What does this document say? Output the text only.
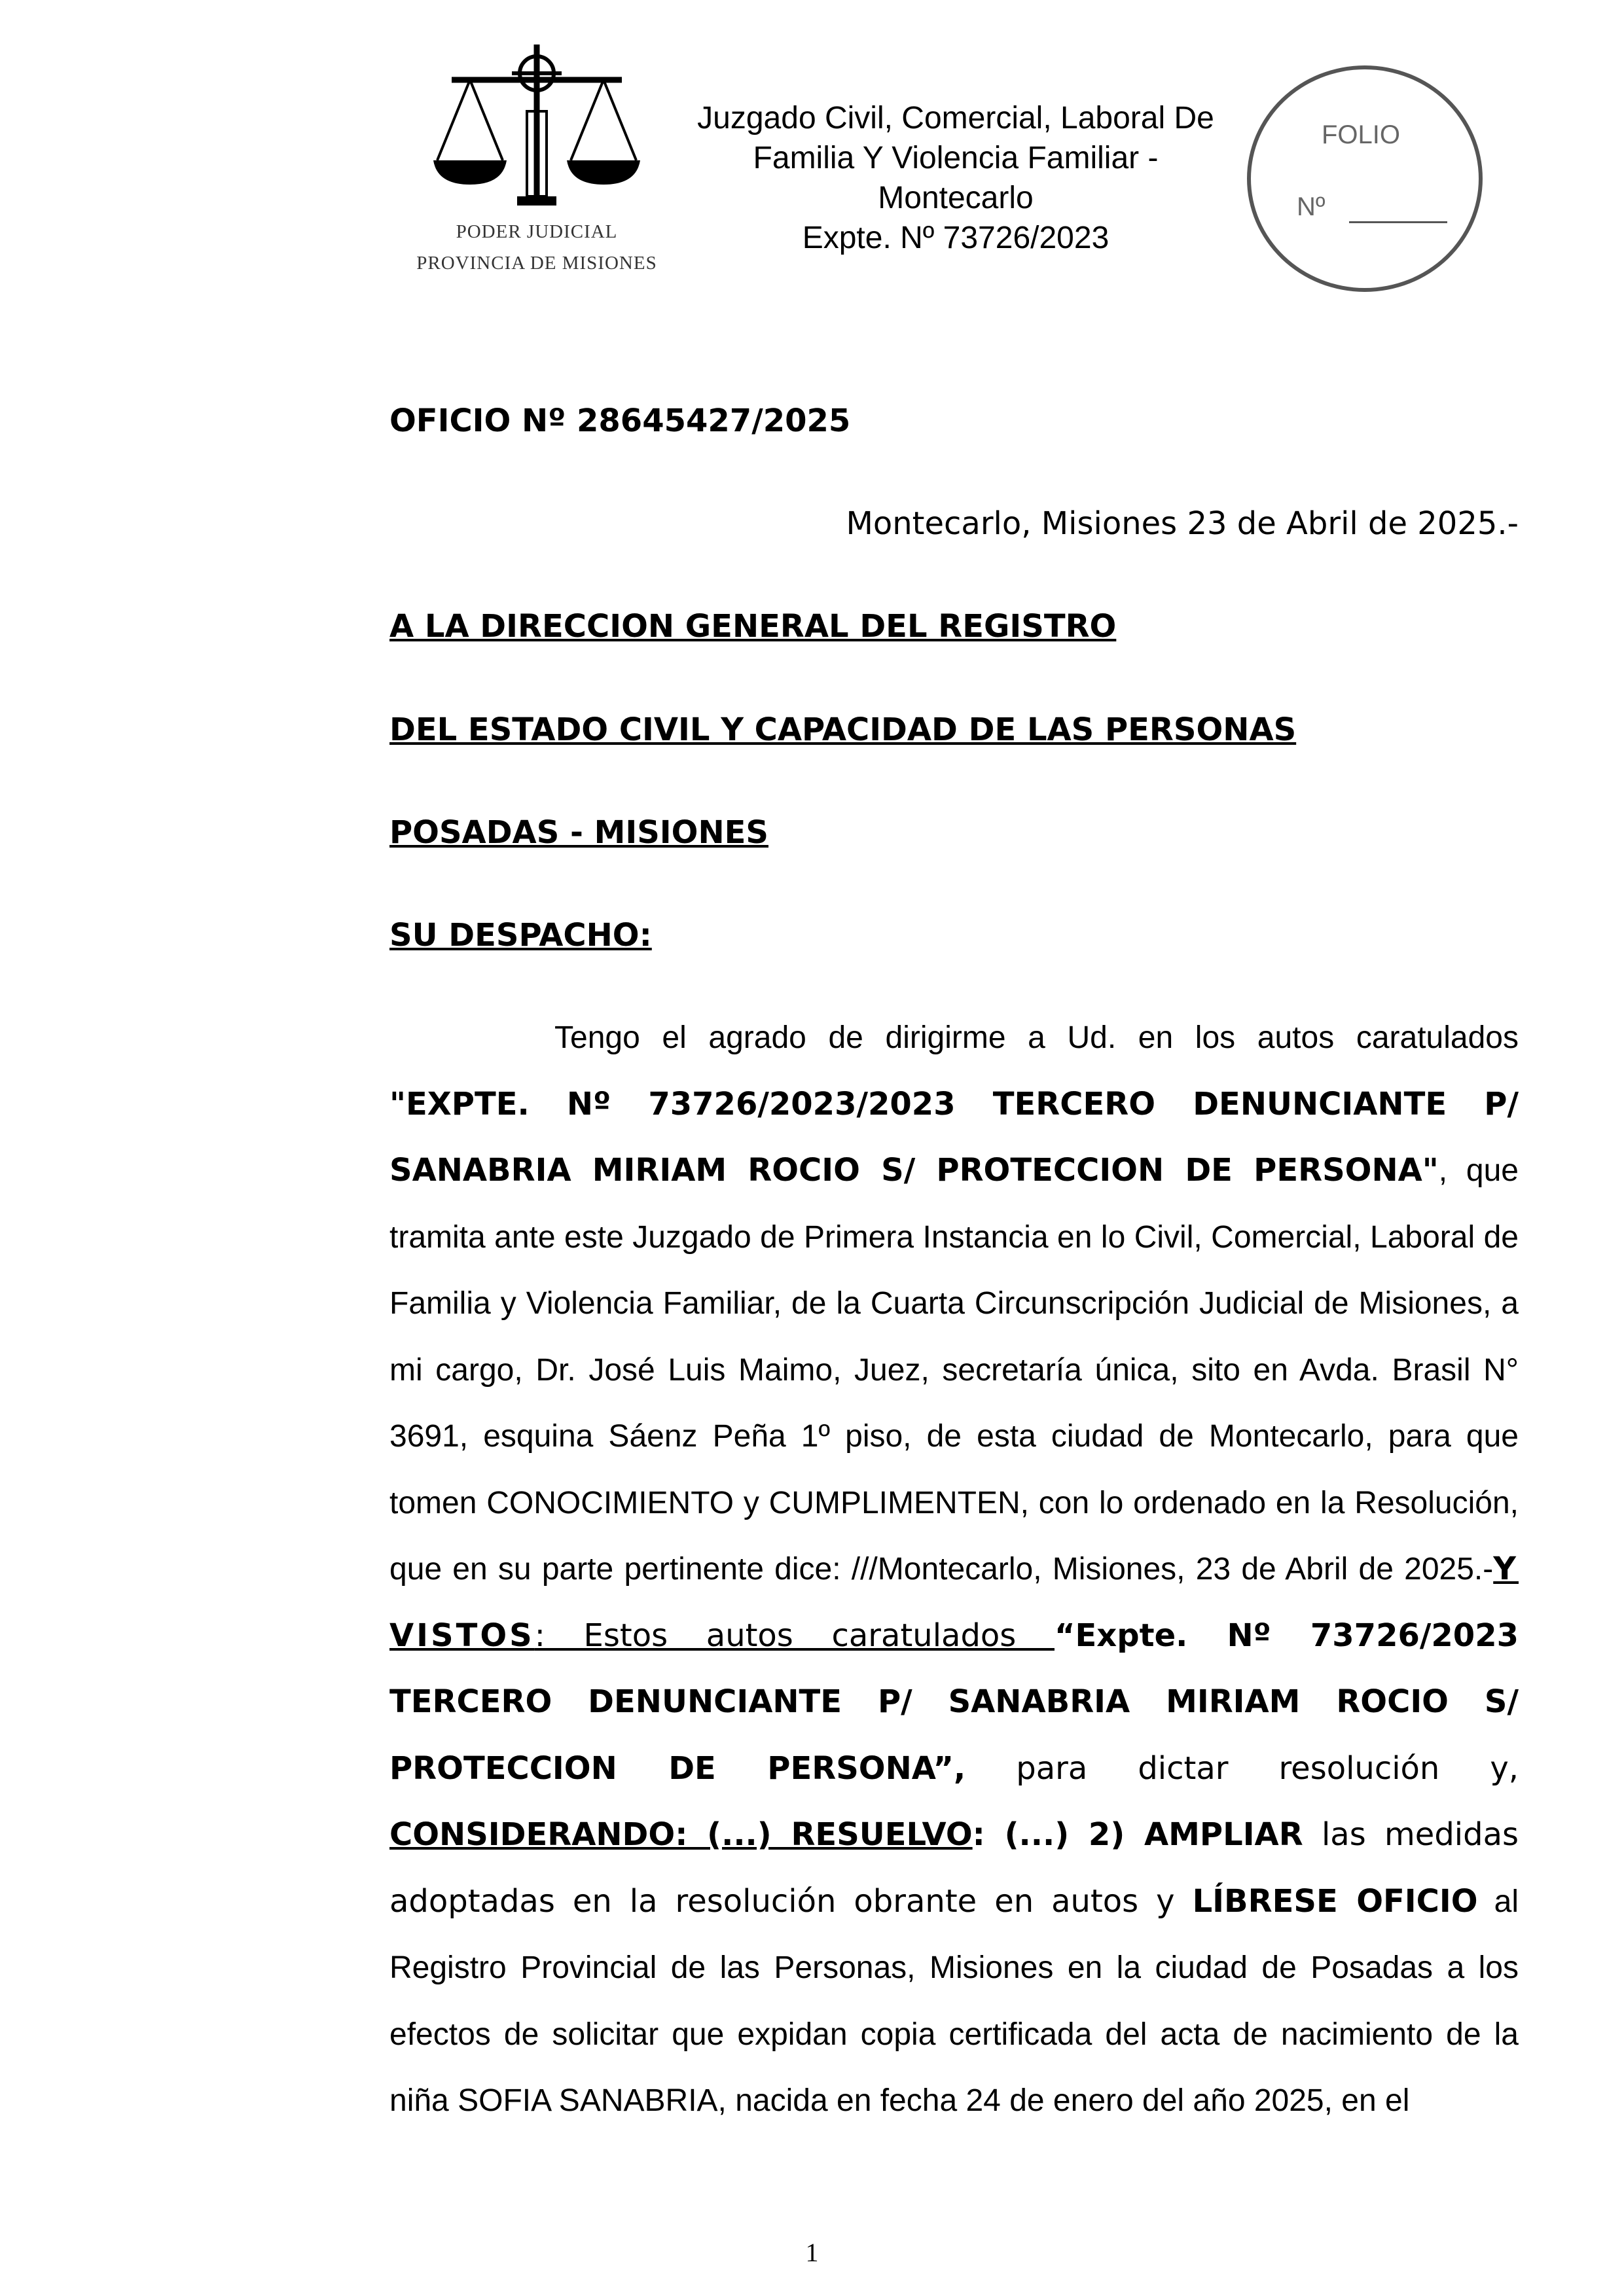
PODER JUDICIAL
PROVINCIA DE MISIONES
Juzgado Civil, Comercial, Laboral De
Familia Y Violencia Familiar -
Montecarlo
Expte. Nº 73726/2023
FOLIO
Nº
OFICIO Nº 28645427/2025
Montecarlo, Misiones 23 de Abril de 2025.-
A LA DIRECCION GENERAL DEL REGISTRO
DEL ESTADO CIVIL Y CAPACIDAD DE LAS PERSONAS
POSADAS - MISIONES
SU DESPACHO:
Tengo el agrado de dirigirme a Ud. en los autos caratulados "EXPTE. Nº 73726/2023/2023 TERCERO DENUNCIANTE P/ SANABRIA MIRIAM ROCIO S/ PROTECCION DE PERSONA", que tramita ante este Juzgado de Primera Instancia en lo Civil, Comercial, Laboral de Familia y Violencia Familiar, de la Cuarta Circunscripción Judicial de Misiones, a mi cargo, Dr. José Luis Maimo, Juez, secretaría única, sito en Avda. Brasil N° 3691, esquina Sáenz Peña 1º piso, de esta ciudad de Montecarlo, para que tomen CONOCIMIENTO y CUMPLIMENTEN, con lo ordenado en la Resolución, que en su parte pertinente dice: ///Montecarlo, Misiones, 23 de Abril de 2025.-Y VISTOS: Estos autos caratulados “Expte. Nº 73726/2023 TERCERO DENUNCIANTE P/ SANABRIA MIRIAM ROCIO S/ PROTECCION DE PERSONA”, para dictar resolución y, CONSIDERANDO: (...) RESUELVO: (...) 2) AMPLIAR las medidas adoptadas en la resolución obrante en autos y LÍBRESE OFICIO al Registro Provincial de las Personas, Misiones en la ciudad de Posadas a los efectos de solicitar que expidan copia certificada del acta de nacimiento de la niña SOFIA SANABRIA, nacida en fecha 24 de enero del año 2025, en el
1
